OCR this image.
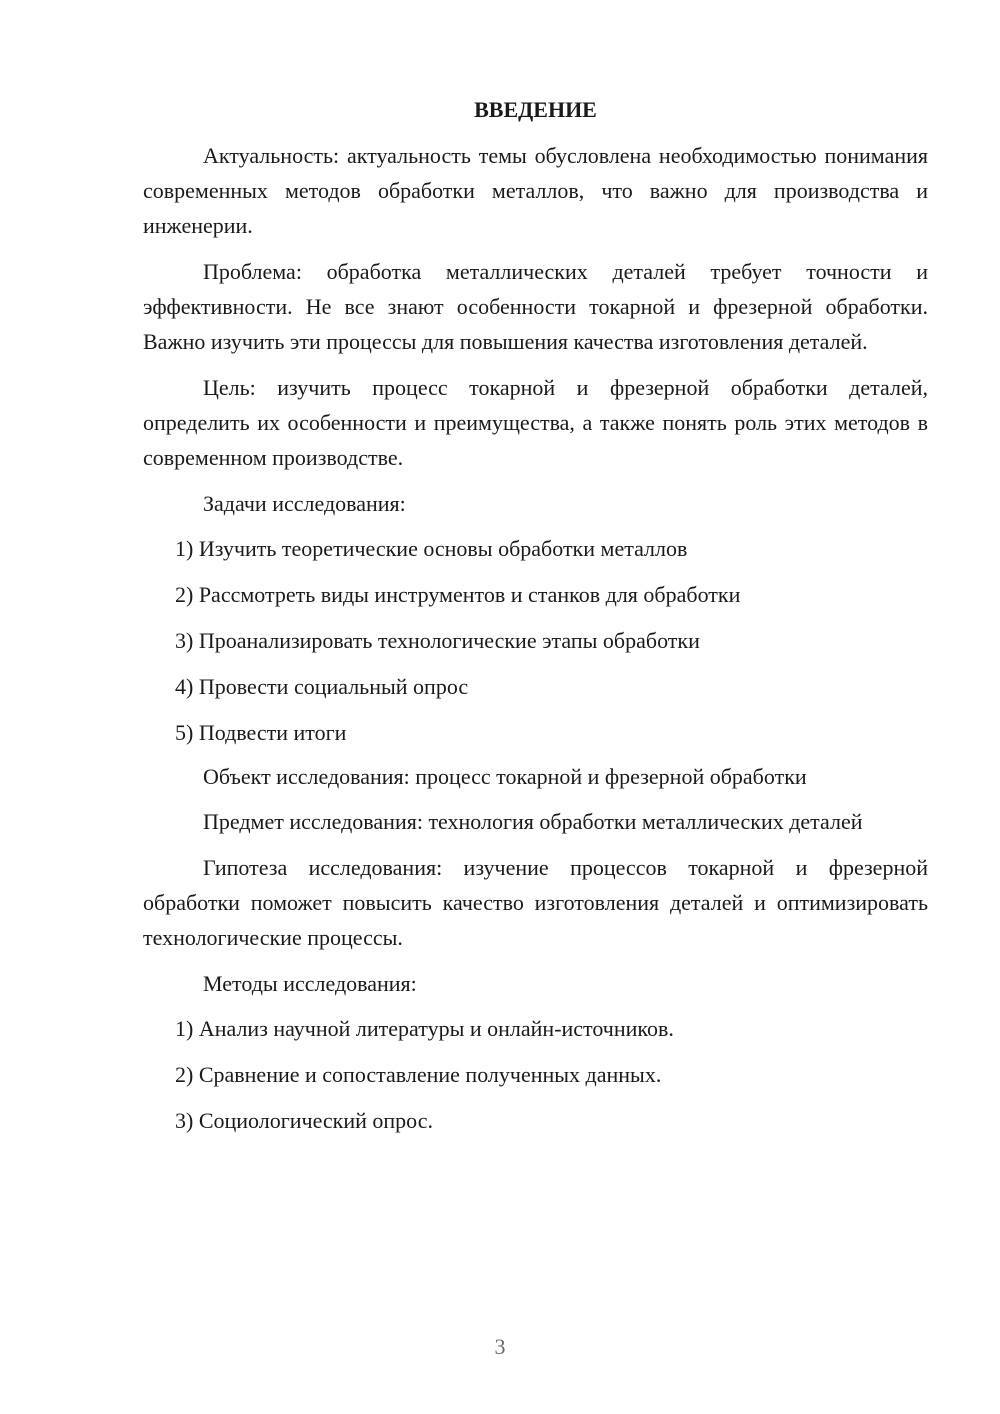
ВВЕДЕНИЕ

Актуальность: актуальность темы обусловлена необходимостью понимания современных методов обработки металлов, что важно для производства и инженерии.

Проблема: обработка металлических деталей требует точности и эффективности. Не все знают особенности токарной и фрезерной обработки. Важно изучить эти процессы для повышения качества изготовления деталей.

Цель: изучить процесс токарной и фрезерной обработки деталей, определить их особенности и преимущества, а также понять роль этих методов в современном производстве.

Задачи исследования:

1) Изучить теоретические основы обработки металлов
2) Рассмотреть виды инструментов и станков для обработки
3) Проанализировать технологические этапы обработки
4) Провести социальный опрос
5) Подвести итоги

Объект исследования: процесс токарной и фрезерной обработки

Предмет исследования: технология обработки металлических деталей

Гипотеза исследования: изучение процессов токарной и фрезерной обработки поможет повысить качество изготовления деталей и оптимизировать технологические процессы.

Методы исследования:

1) Анализ научной литературы и онлайн-источников.
2) Сравнение и сопоставление полученных данных.
3) Социологический опрос.
3
